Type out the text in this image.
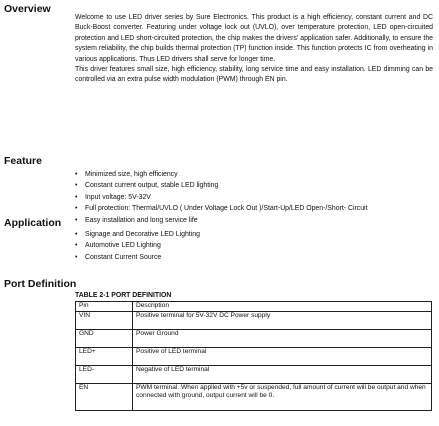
Overview

Welcome to use LED driver series by Sure Electronics. This product is a high efficiency, constant current and DC Buck-Boost converter. Featuring under voltage lock out (UVLO), over temperature protection, LED open-circuited protection and LED short-circuited protection, the chip makes the drivers' application safer. Additionally, to ensure the system reliability, the chip builds thermal protection (TP) function inside. This function protects IC from overheating in various applications. Thus LED drivers shall serve for longer time.

This driver features small size, high efficiency, stability, long service time and easy installation. LED dimming can be controlled via an extra pulse width modulation (PWM) through EN pin.

Feature
• Minimized size, high efficiency
• Constant current output, stable LED lighting
• Input voltage: 5V-32V
• Full protection: Thermal/UVLO ( Under Voltage Lock Out )/Start-Up/LED Open-/Short- Circuit
• Easy installation and long service life
Application
• Signage and Decorative LED Lighting
• Automotive LED Lighting
• Constant Current Source
Port Definition
TABLE 2-1 PORT DEFINITION
Pin	Description
VIN	Positive terminal for 5V-32V DC Power supply
GND	Power Ground
LED+	Positive of LED terminal
LED-	Negative of LED terminal
EN	PWM terminal. When applied with +5v or suspended, full amount of current will be output and when connected with ground, output current will be 0.
